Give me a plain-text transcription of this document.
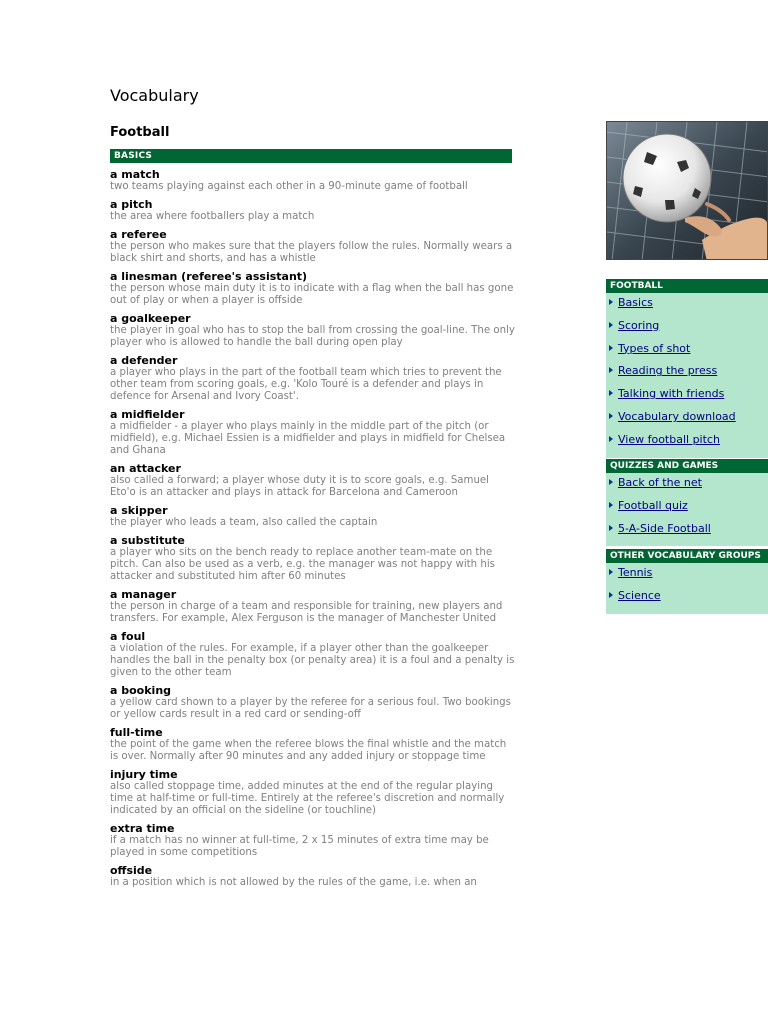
Vocabulary
Football
BASICS
a match
two teams playing against each other in a 90-minute game of football
a pitch
the area where footballers play a match
a referee
the person who makes sure that the players follow the rules. Normally wears a black shirt and shorts, and has a whistle
a linesman (referee's assistant)
the person whose main duty it is to indicate with a flag when the ball has gone out of play or when a player is offside
a goalkeeper
the player in goal who has to stop the ball from crossing the goal-line. The only player who is allowed to handle the ball during open play
a defender
a player who plays in the part of the football team which tries to prevent the other team from scoring goals, e.g. 'Kolo Touré is a defender and plays in defence for Arsenal and Ivory Coast'.
a midfielder
a midfielder - a player who plays mainly in the middle part of the pitch (or midfield), e.g. Michael Essien is a midfielder and plays in midfield for Chelsea and Ghana
an attacker
also called a forward; a player whose duty it is to score goals, e.g. Samuel Eto'o is an attacker and plays in attack for Barcelona and Cameroon
a skipper
the player who leads a team, also called the captain
a substitute
a player who sits on the bench ready to replace another team-mate on the pitch. Can also be used as a verb, e.g. the manager was not happy with his attacker and substituted him after 60 minutes
a manager
the person in charge of a team and responsible for training, new players and transfers. For example, Alex Ferguson is the manager of Manchester United
a foul
a violation of the rules. For example, if a player other than the goalkeeper handles the ball in the penalty box (or penalty area) it is a foul and a penalty is given to the other team
a booking
a yellow card shown to a player by the referee for a serious foul. Two bookings or yellow cards result in a red card or sending-off
full-time
the point of the game when the referee blows the final whistle and the match is over. Normally after 90 minutes and any added injury or stoppage time
injury time
also called stoppage time, added minutes at the end of the regular playing time at half-time or full-time. Entirely at the referee's discretion and normally indicated by an official on the sideline (or touchline)
extra time
if a match has no winner at full-time, 2 x 15 minutes of extra time may be played in some competitions
offside
in a position which is not allowed by the rules of the game, i.e. when an
FOOTBALL
Basics
Scoring
Types of shot
Reading the press
Talking with friends
Vocabulary download
View football pitch
QUIZZES AND GAMES
Back of the net
Football quiz
5-A-Side Football
OTHER VOCABULARY GROUPS
Tennis
Science
